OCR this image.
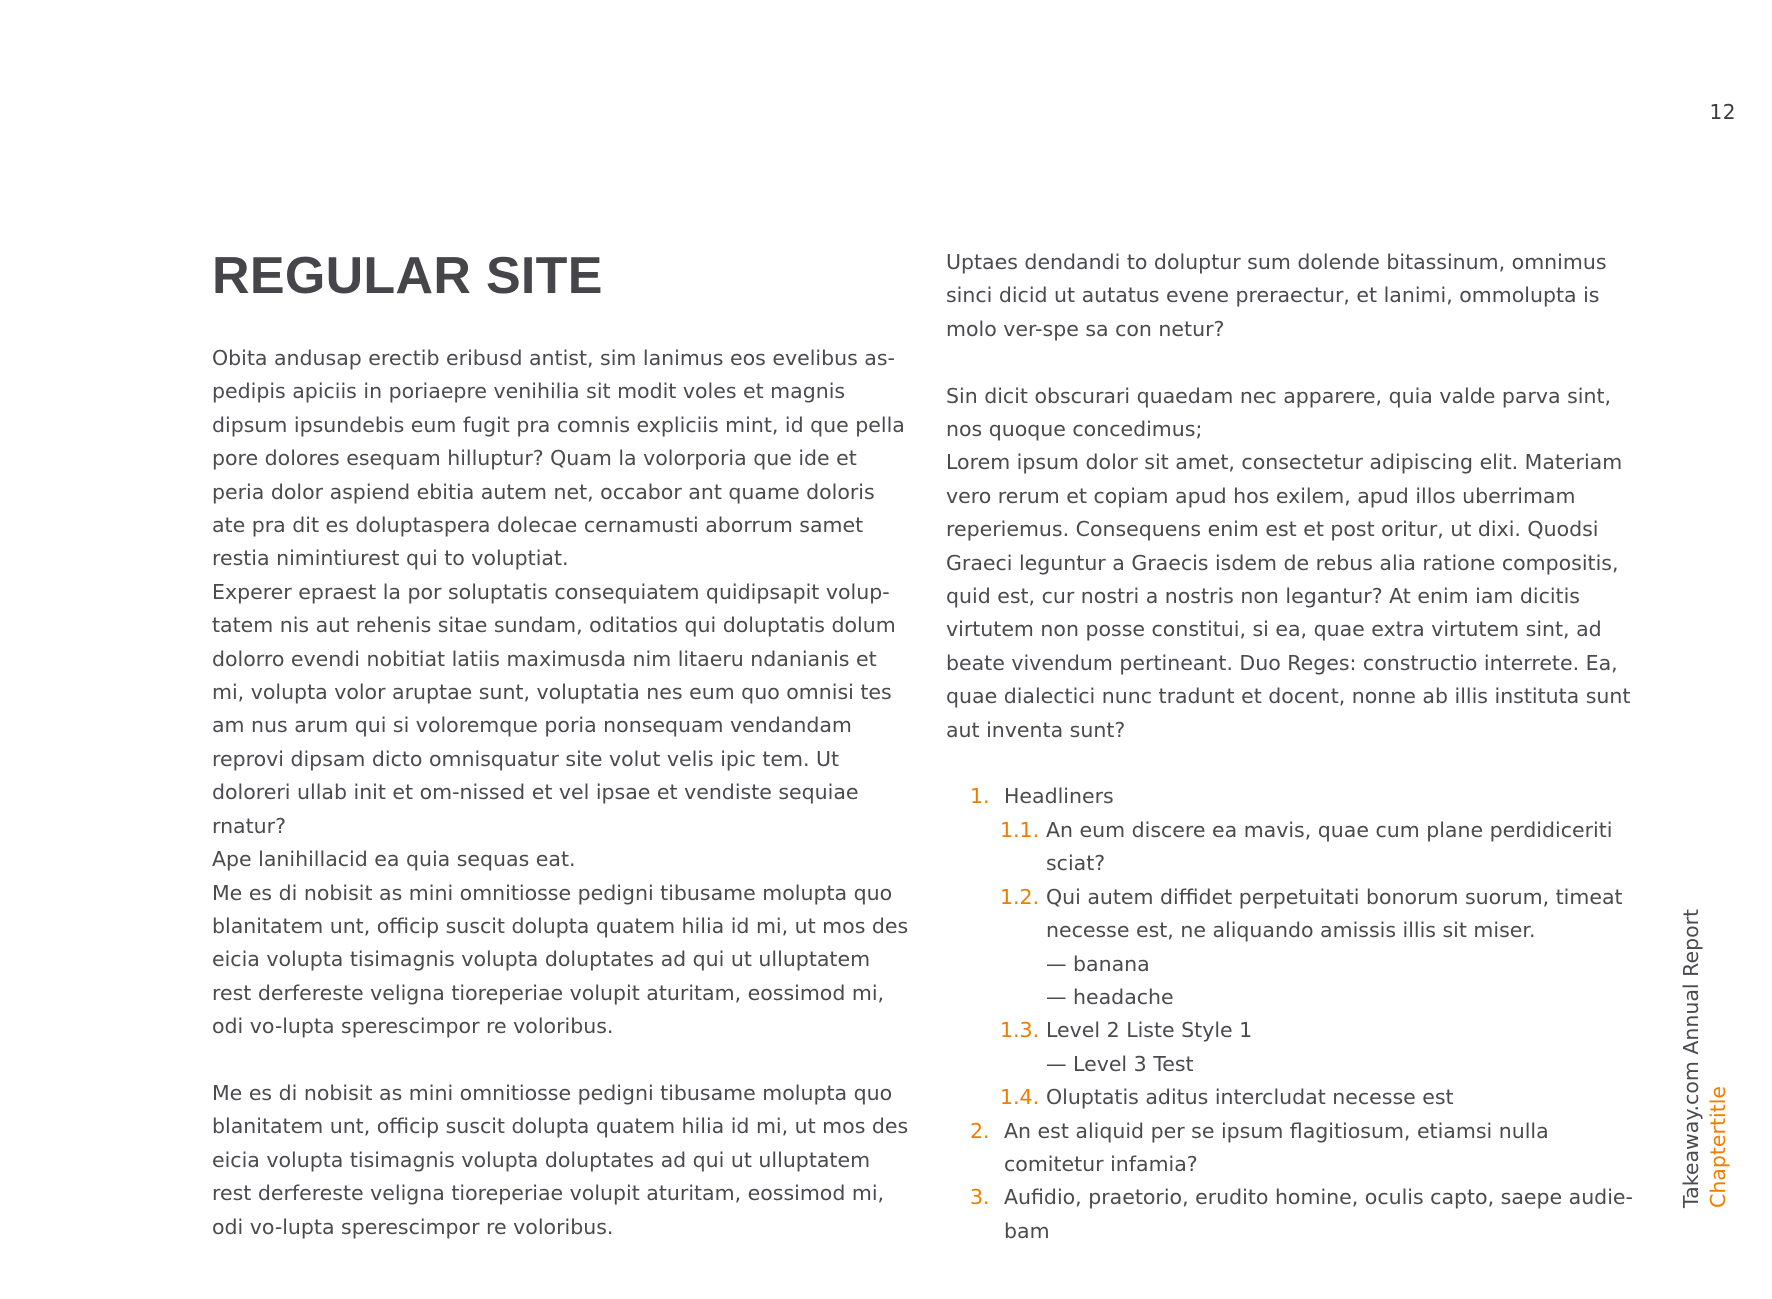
12
REGULAR SITE

Obita andusap erectib eribusd antist, sim lanimus eos evelibus as-pedipis apiciis in poriaepre venihilia sit modit voles et magnis dipsum ipsundebis eum fugit pra comnis expliciis mint, id que pella pore dolores esequam hilluptur? Quam la volorporia que ide et peria dolor aspiend ebitia autem net, occabor ant quame doloris ate pra dit es doluptaspera dolecae cernamusti aborrum samet restia nimintiurest qui to voluptiat.

Experer epraest la por soluptatis consequiatem quidipsapit volup-tatem nis aut rehenis sitae sundam, oditatios qui doluptatis dolum dolorro evendi nobitiat latiis maximusda nim litaeru ndanianis et mi, volupta volor aruptae sunt, voluptatia nes eum quo omnisi tes am nus arum qui si voloremque poria nonsequam vendandam reprovi dipsam dicto omnisquatur site volut velis ipic tem. Ut doloreri ullab init et om-nissed et vel ipsae et vendiste sequiae rnatur?

Ape lanihillacid ea quia sequas eat.

Me es di nobisit as mini omnitiosse pedigni tibusame molupta quo blanitatem unt, officip suscit dolupta quatem hilia id mi, ut mos des eicia volupta tisimagnis volupta doluptates ad qui ut ulluptatem rest derfereste veligna tioreperiae volupit aturitam, eossimod mi, odi vo-lupta sperescimpor re voloribus.

Me es di nobisit as mini omnitiosse pedigni tibusame molupta quo blanitatem unt, officip suscit dolupta quatem hilia id mi, ut mos des eicia volupta tisimagnis volupta doluptates ad qui ut ulluptatem rest derfereste veligna tioreperiae volupit aturitam, eossimod mi, odi vo-lupta sperescimpor re voloribus.

Uptaes dendandi to doluptur sum dolende bitassinum, omnimus sinci dicid ut autatus evene preraectur, et lanimi, ommolupta is molo ver-spe sa con netur?

Sin dicit obscurari quaedam nec apparere, quia valde parva sint, nos quoque concedimus;

Lorem ipsum dolor sit amet, consectetur adipiscing elit. Materiam vero rerum et copiam apud hos exilem, apud illos uberrimam reperiemus. Consequens enim est et post oritur, ut dixi. Quodsi Graeci leguntur a Graecis isdem de rebus alia ratione compositis, quid est, cur nostri a nostris non legantur? At enim iam dicitis virtutem non posse constitui, si ea, quae extra virtutem sint, ad beate vivendum pertineant. Duo Reges: constructio interrete. Ea, quae dialectici nunc tradunt et docent, nonne ab illis instituta sunt aut inventa sunt?

1. Headliners
1.1. An eum discere ea mavis, quae cum plane perdidiceriti sciat?
1.2. Qui autem diffidet perpetuitati bonorum suorum, timeat necesse est, ne aliquando amissis illis sit miser.
— banana
— headache
1.3. Level 2 Liste Style 1
— Level 3 Test
1.4. Oluptatis aditus intercludat necesse est
2. An est aliquid per se ipsum flagitiosum, etiamsi nulla comitetur infamia?
3. Aufidio, praetorio, erudito homine, oculis capto, saepe audie-bam
Takeaway.com Annual Report Chaptertitle
